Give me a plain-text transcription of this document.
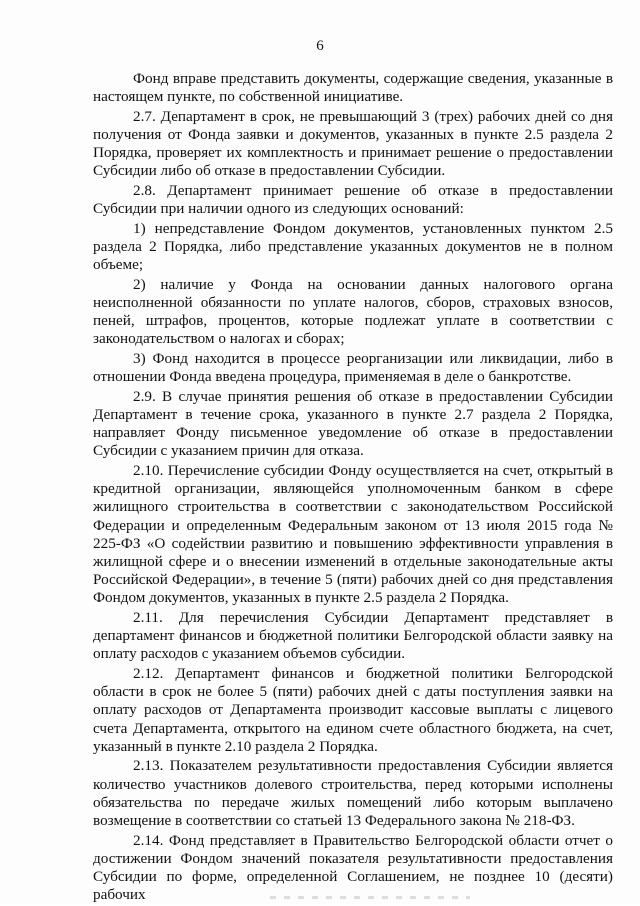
6

Фонд вправе представить документы, содержащие сведения, указанные в настоящем пункте, по собственной инициативе.

2.7. Департамент в срок, не превышающий 3 (трех) рабочих дней со дня получения от Фонда заявки и документов, указанных в пункте 2.5 раздела 2 Порядка, проверяет их комплектность и принимает решение о предоставлении Субсидии либо об отказе в предоставлении Субсидии.

2.8. Департамент принимает решение об отказе в предоставлении Субсидии при наличии одного из следующих оснований:

1) непредставление Фондом документов, установленных пунктом 2.5 раздела 2 Порядка, либо представление указанных документов не в полном объеме;

2) наличие у Фонда на основании данных налогового органа неисполненной обязанности по уплате налогов, сборов, страховых взносов, пеней, штрафов, процентов, которые подлежат уплате в соответствии с законодательством о налогах и сборах;

3) Фонд находится в процессе реорганизации или ликвидации, либо в отношении Фонда введена процедура, применяемая в деле о банкротстве.

2.9. В случае принятия решения об отказе в предоставлении Субсидии Департамент в течение срока, указанного в пункте 2.7 раздела 2 Порядка, направляет Фонду письменное уведомление об отказе в предоставлении Субсидии с указанием причин для отказа.

2.10. Перечисление субсидии Фонду осуществляется на счет, открытый в кредитной организации, являющейся уполномоченным банком в сфере жилищного строительства в соответствии с законодательством Российской Федерации и определенным Федеральным законом от 13 июля 2015 года № 225-ФЗ «О содействии развитию и повышению эффективности управления в жилищной сфере и о внесении изменений в отдельные законодательные акты Российской Федерации», в течение 5 (пяти) рабочих дней со дня представления Фондом документов, указанных в пункте 2.5 раздела 2 Порядка.

2.11. Для перечисления Субсидии Департамент представляет в департамент финансов и бюджетной политики Белгородской области заявку на оплату расходов с указанием объемов субсидии.

2.12. Департамент финансов и бюджетной политики Белгородской области в срок не более 5 (пяти) рабочих дней с даты поступления заявки на оплату расходов от Департамента производит кассовые выплаты с лицевого счета Департамента, открытого на едином счете областного бюджета, на счет, указанный в пункте 2.10 раздела 2 Порядка.

2.13. Показателем результативности предоставления Субсидии является количество участников долевого строительства, перед которыми исполнены обязательства по передаче жилых помещений либо которым выплачено возмещение в соответствии со статьей 13 Федерального закона № 218-ФЗ.

2.14. Фонд представляет в Правительство Белгородской области отчет о достижении Фондом значений показателя результативности предоставления Субсидии по форме, определенной Соглашением, не позднее 10 (десяти) рабочих
